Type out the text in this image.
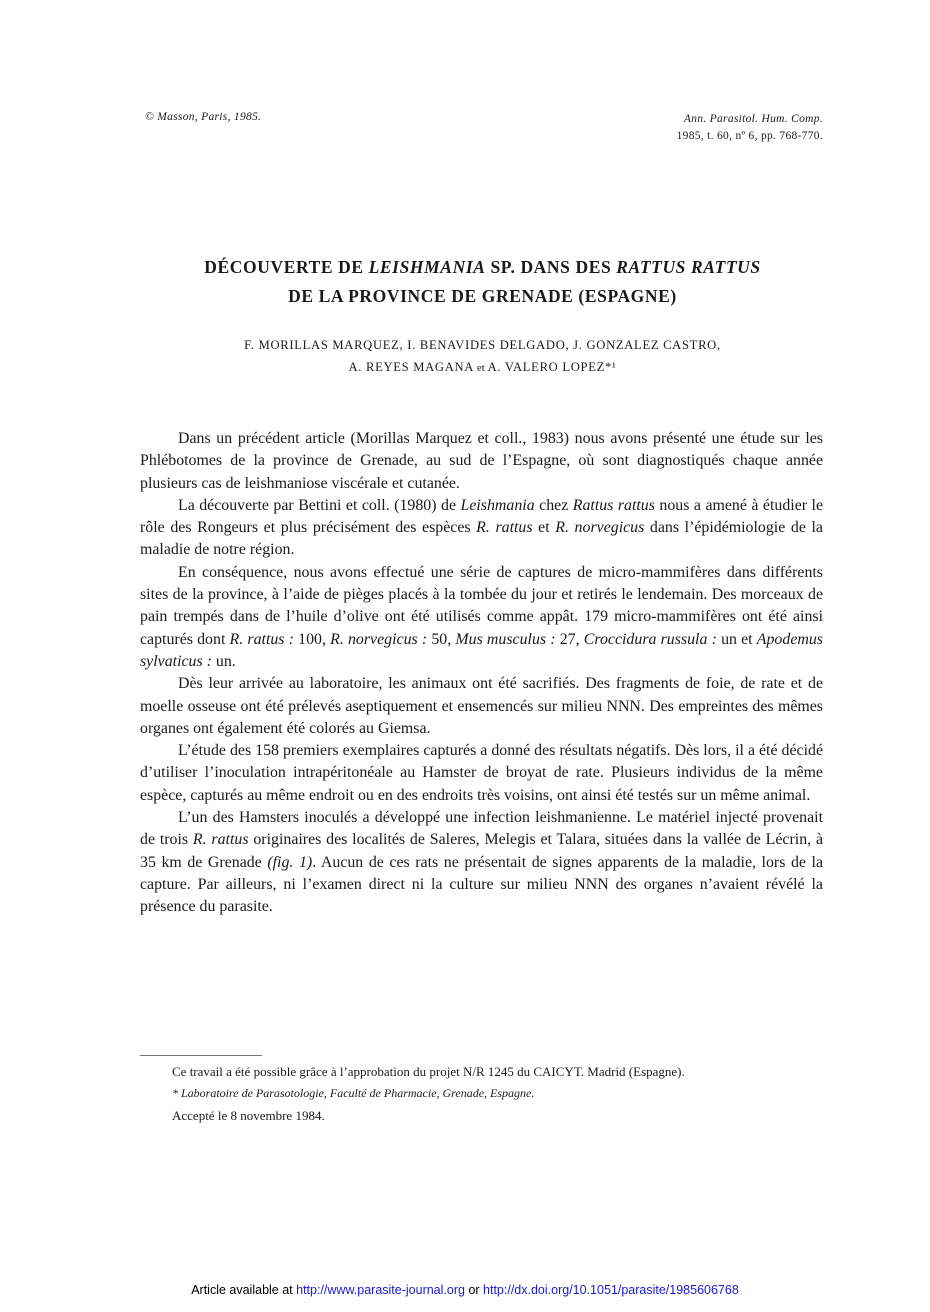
© Masson, Paris, 1985.	Ann. Parasitol. Hum. Comp.
1985, t. 60, nº 6, pp. 768-770.
DÉCOUVERTE DE LEISHMANIA SP. DANS DES RATTUS RATTUS
DE LA PROVINCE DE GRENADE (ESPAGNE)
F. MORILLAS MARQUEZ, I. BENAVIDES DELGADO, J. GONZALEZ CASTRO,
A. REYES MAGANA et A. VALERO LOPEZ*¹

Dans un précédent article (Morillas Marquez et coll., 1983) nous avons présenté une étude sur les Phlébotomes de la province de Grenade, au sud de l’Espagne, où sont diagnostiqués chaque année plusieurs cas de leishmaniose viscérale et cutanée.

La découverte par Bettini et coll. (1980) de Leishmania chez Rattus rattus nous a amené à étudier le rôle des Rongeurs et plus précisément des espèces R. rattus et R. norvegicus dans l’épidémiologie de la maladie de notre région.

En conséquence, nous avons effectué une série de captures de micro-mammifères dans différents sites de la province, à l’aide de pièges placés à la tombée du jour et retirés le lendemain. Des morceaux de pain trempés dans de l’huile d’olive ont été utilisés comme appât. 179 micro-mammifères ont été ainsi capturés dont R. rattus : 100, R. norvegicus : 50, Mus musculus : 27, Croccidura russula : un et Apodemus sylvaticus : un.

Dès leur arrivée au laboratoire, les animaux ont été sacrifiés. Des fragments de foie, de rate et de moelle osseuse ont été prélevés aseptiquement et ensemencés sur milieu NNN. Des empreintes des mêmes organes ont également été colorés au Giemsa.

L’étude des 158 premiers exemplaires capturés a donné des résultats négatifs. Dès lors, il a été décidé d’utiliser l’inoculation intrapéritonéale au Hamster de broyat de rate. Plusieurs individus de la même espèce, capturés au même endroit ou en des endroits très voisins, ont ainsi été testés sur un même animal.

L’un des Hamsters inoculés a développé une infection leishmanienne. Le matériel injecté provenait de trois R. rattus originaires des localités de Saleres, Melegis et Talara, situées dans la vallée de Lécrin, à 35 km de Grenade (fig. 1). Aucun de ces rats ne présentait de signes apparents de la maladie, lors de la capture. Par ailleurs, ni l’examen direct ni la culture sur milieu NNN des organes n’avaient révélé la présence du parasite.

Ce travail a été possible grâce à l’approbation du projet N/R 1245 du CAICYT. Madrid (Espagne).

* Laboratoire de Parasotologie, Faculté de Pharmacie, Grenade, Espagne.

Accepté le 8 novembre 1984.

Article available at http://www.parasite-journal.org or http://dx.doi.org/10.1051/parasite/1985606768
